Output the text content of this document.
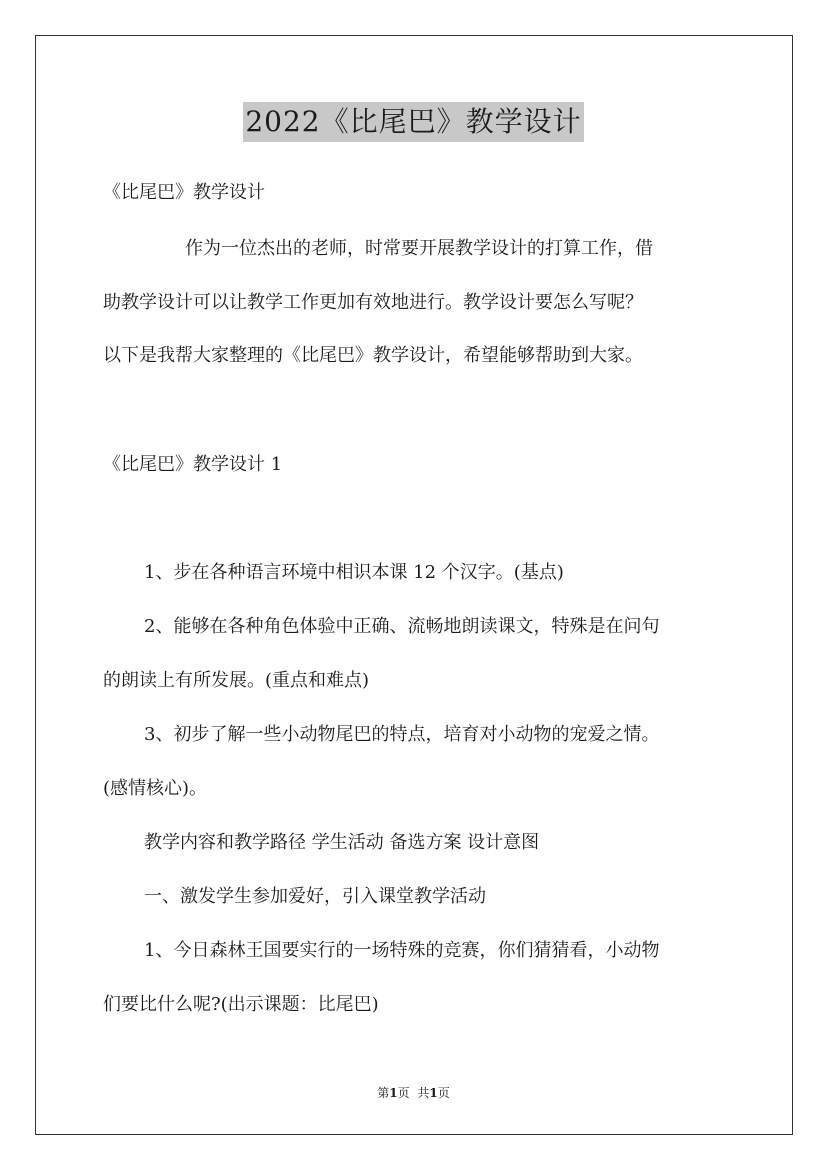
2022《比尾巴》教学设计
《比尾巴》教学设计
作为一位杰出的老师，时常要开展教学设计的打算工作，借
助教学设计可以让教学工作更加有效地进行。教学设计要怎么写呢？
以下是我帮大家整理的《比尾巴》教学设计，希望能够帮助到大家。
《比尾巴》教学设计 1
1、步在各种语言环境中相识本课 12 个汉字。(基点)
2、能够在各种角色体验中正确、流畅地朗读课文，特殊是在问句
的朗读上有所发展。(重点和难点)
3、初步了解一些小动物尾巴的特点，培育对小动物的宠爱之情。
(感情核心)。
教学内容和教学路径 学生活动 备选方案 设计意图
一、激发学生参加爱好，引入课堂教学活动
1、今日森林王国要实行的一场特殊的竞赛，你们猜猜看，小动物
们要比什么呢?(出示课题：比尾巴)
第1页 共1页
